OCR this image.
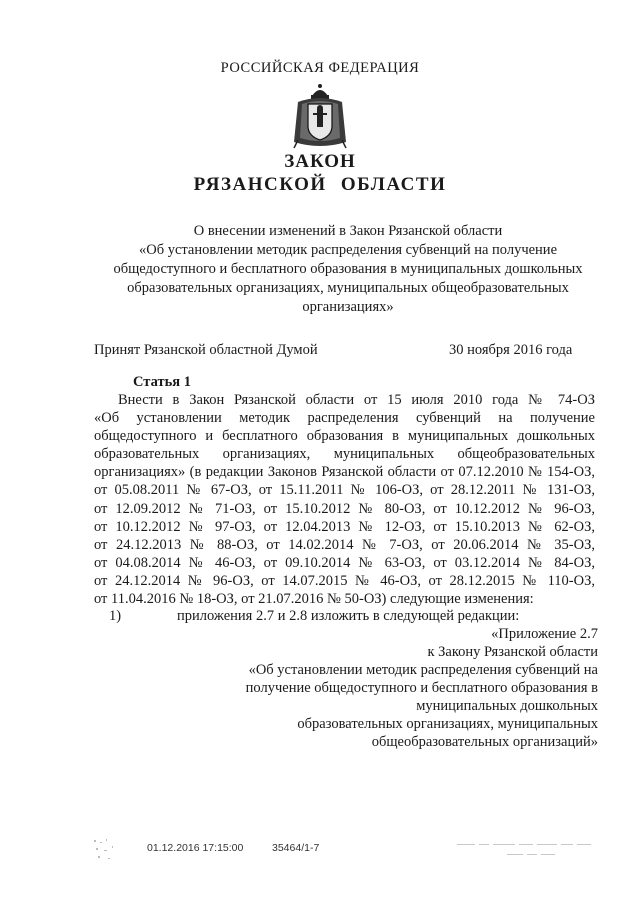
РОССИЙСКАЯ ФЕДЕРАЦИЯ
ЗАКОН
РЯЗАНСКОЙ ОБЛАСТИ
О внесении изменений в Закон Рязанской области
«Об установлении методик распределения субвенций на получение
общедоступного и бесплатного образования в муниципальных дошкольных
образовательных организациях, муниципальных общеобразовательных
организациях»
Принят Рязанской областной Думой	30 ноября 2016 года
Статья 1
Внести в Закон Рязанской области от 15 июля 2010 года № 74-ОЗ
«Об установлении методик распределения субвенций на получение
общедоступного и бесплатного образования в муниципальных дошкольных
образовательных организациях, муниципальных общеобразовательных
организациях» (в редакции Законов Рязанской области от 07.12.2010 № 154-ОЗ,
от 05.08.2011 № 67-ОЗ, от 15.11.2011 № 106-ОЗ, от 28.12.2011 № 131-ОЗ,
от 12.09.2012 № 71-ОЗ, от 15.10.2012 № 80-ОЗ, от 10.12.2012 № 96-ОЗ,
от 10.12.2012 № 97-ОЗ, от 12.04.2013 № 12-ОЗ, от 15.10.2013 № 62-ОЗ,
от 24.12.2013 № 88-ОЗ, от 14.02.2014 № 7-ОЗ, от 20.06.2014 № 35-ОЗ,
от 04.08.2014 № 46-ОЗ, от 09.10.2014 № 63-ОЗ, от 03.12.2014 № 84-ОЗ,
от 24.12.2014 № 96-ОЗ, от 14.07.2015 № 46-ОЗ, от 28.12.2015 № 110-ОЗ,
от 11.04.2016 № 18-ОЗ, от 21.07.2016 № 50-ОЗ) следующие изменения:
1)	приложения 2.7 и 2.8 изложить в следующей редакции:
«Приложение 2.7
к Закону Рязанской области
«Об установлении методик распределения субвенций на
получение общедоступного и бесплатного образования в
муниципальных дошкольных
образовательных организациях, муниципальных
общеобразовательных организаций»
01.12.2016 17:15:00	35464/1-7
